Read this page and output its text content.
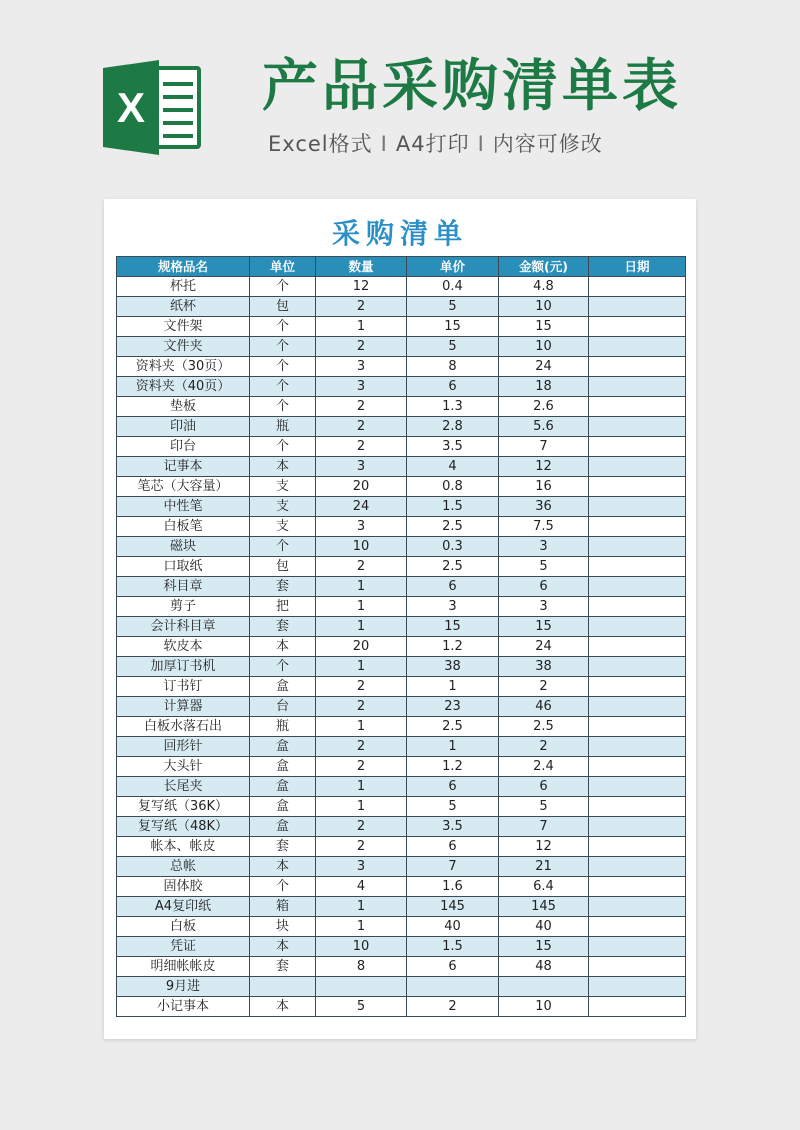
X 产品采购清单表
Excel格式 I A4打印 I 内容可修改
采购清单
规格品名	单位	数量	单价	金额(元)	日期
杯托	个	12	0.4	4.8	
纸杯	包	2	5	10	
文件架	个	1	15	15	
文件夹	个	2	5	10	
资料夹（30页）	个	3	8	24	
资料夹（40页）	个	3	6	18	
垫板	个	2	1.3	2.6	
印油	瓶	2	2.8	5.6	
印台	个	2	3.5	7	
记事本	本	3	4	12	
笔芯（大容量）	支	20	0.8	16	
中性笔	支	24	1.5	36	
白板笔	支	3	2.5	7.5	
磁块	个	10	0.3	3	
口取纸	包	2	2.5	5	
科目章	套	1	6	6	
剪子	把	1	3	3	
会计科目章	套	1	15	15	
软皮本	本	20	1.2	24	
加厚订书机	个	1	38	38	
订书钉	盒	2	1	2	
计算器	台	2	23	46	
白板水落石出	瓶	1	2.5	2.5	
回形针	盒	2	1	2	
大头针	盒	2	1.2	2.4	
长尾夹	盒	1	6	6	
复写纸（36K）	盒	1	5	5	
复写纸（48K）	盒	2	3.5	7	
帐本、帐皮	套	2	6	12	
总帐	本	3	7	21	
固体胶	个	4	1.6	6.4	
A4复印纸	箱	1	145	145	
白板	块	1	40	40	
凭证	本	10	1.5	15	
明细帐帐皮	套	8	6	48	
9月进					
小记事本	本	5	2	10	
